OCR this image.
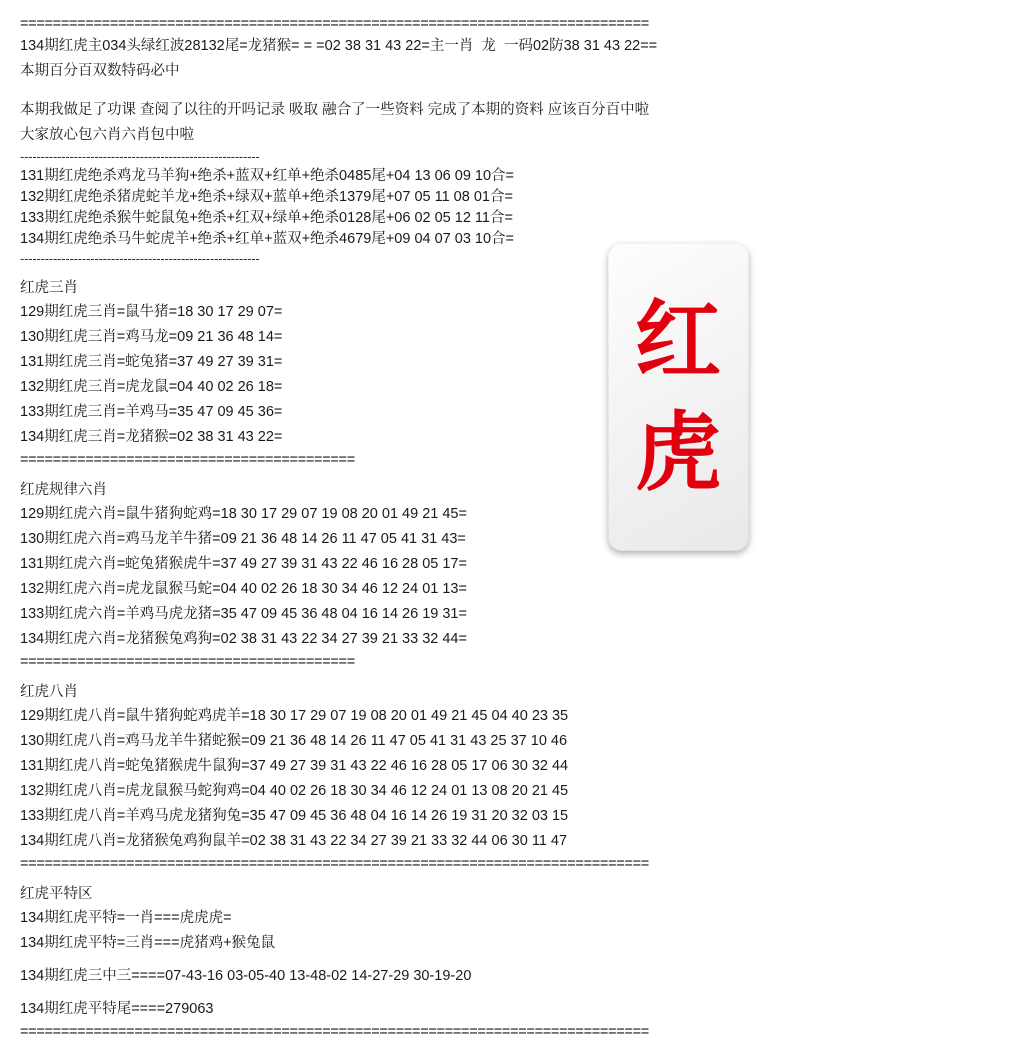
=============================================================================
134期红虎主034头绿红波28132尾=龙猪猴= = =02 38 31 43 22=主一肖  龙  一码02防38 31 43 22==
本期百分百双数特码必中
本期我做足了功课 查阅了以往的开吗记录 吸取 融合了一些资料 完成了本期的资料 应该百分百中啦
大家放心包六肖六肖包中啦
----------------------------------------------------------
131期红虎绝杀鸡龙马羊狗+绝杀+蓝双+红单+绝杀0485尾+04 13 06 09 10合=
132期红虎绝杀猪虎蛇羊龙+绝杀+绿双+蓝单+绝杀1379尾+07 05 11 08 01合=
133期红虎绝杀猴牛蛇鼠兔+绝杀+红双+绿单+绝杀0128尾+06 02 05 12 11合=
134期红虎绝杀马牛蛇虎羊+绝杀+红单+蓝双+绝杀4679尾+09 04 07 03 10合=
----------------------------------------------------------
红虎三肖
129期红虎三肖=鼠牛猪=18 30 17 29 07=
130期红虎三肖=鸡马龙=09 21 36 48 14=
131期红虎三肖=蛇兔猪=37 49 27 39 31=
132期红虎三肖=虎龙鼠=04 40 02 26 18=
133期红虎三肖=羊鸡马=35 47 09 45 36=
134期红虎三肖=龙猪猴=02 38 31 43 22=
=========================================
红虎规律六肖
129期红虎六肖=鼠牛猪狗蛇鸡=18 30 17 29 07 19 08 20 01 49 21 45=
130期红虎六肖=鸡马龙羊牛猪=09 21 36 48 14 26 11 47 05 41 31 43=
131期红虎六肖=蛇兔猪猴虎牛=37 49 27 39 31 43 22 46 16 28 05 17=
132期红虎六肖=虎龙鼠猴马蛇=04 40 02 26 18 30 34 46 12 24 01 13=
133期红虎六肖=羊鸡马虎龙猪=35 47 09 45 36 48 04 16 14 26 19 31=
134期红虎六肖=龙猪猴兔鸡狗=02 38 31 43 22 34 27 39 21 33 32 44=
=========================================
红虎八肖
129期红虎八肖=鼠牛猪狗蛇鸡虎羊=18 30 17 29 07 19 08 20 01 49 21 45 04 40 23 35
130期红虎八肖=鸡马龙羊牛猪蛇猴=09 21 36 48 14 26 11 47 05 41 31 43 25 37 10 46
131期红虎八肖=蛇兔猪猴虎牛鼠狗=37 49 27 39 31 43 22 46 16 28 05 17 06 30 32 44
132期红虎八肖=虎龙鼠猴马蛇狗鸡=04 40 02 26 18 30 34 46 12 24 01 13 08 20 21 45
133期红虎八肖=羊鸡马虎龙猪狗兔=35 47 09 45 36 48 04 16 14 26 19 31 20 32 03 15
134期红虎八肖=龙猪猴兔鸡狗鼠羊=02 38 31 43 22 34 27 39 21 33 32 44 06 30 11 47
=============================================================================
红虎平特区
134期红虎平特=一肖===虎虎虎=
134期红虎平特=三肖===虎猪鸡+猴兔鼠
134期红虎三中三====07-43-16 03-05-40 13-48-02 14-27-29 30-19-20
134期红虎平特尾====279063
=============================================================================
红
虎
